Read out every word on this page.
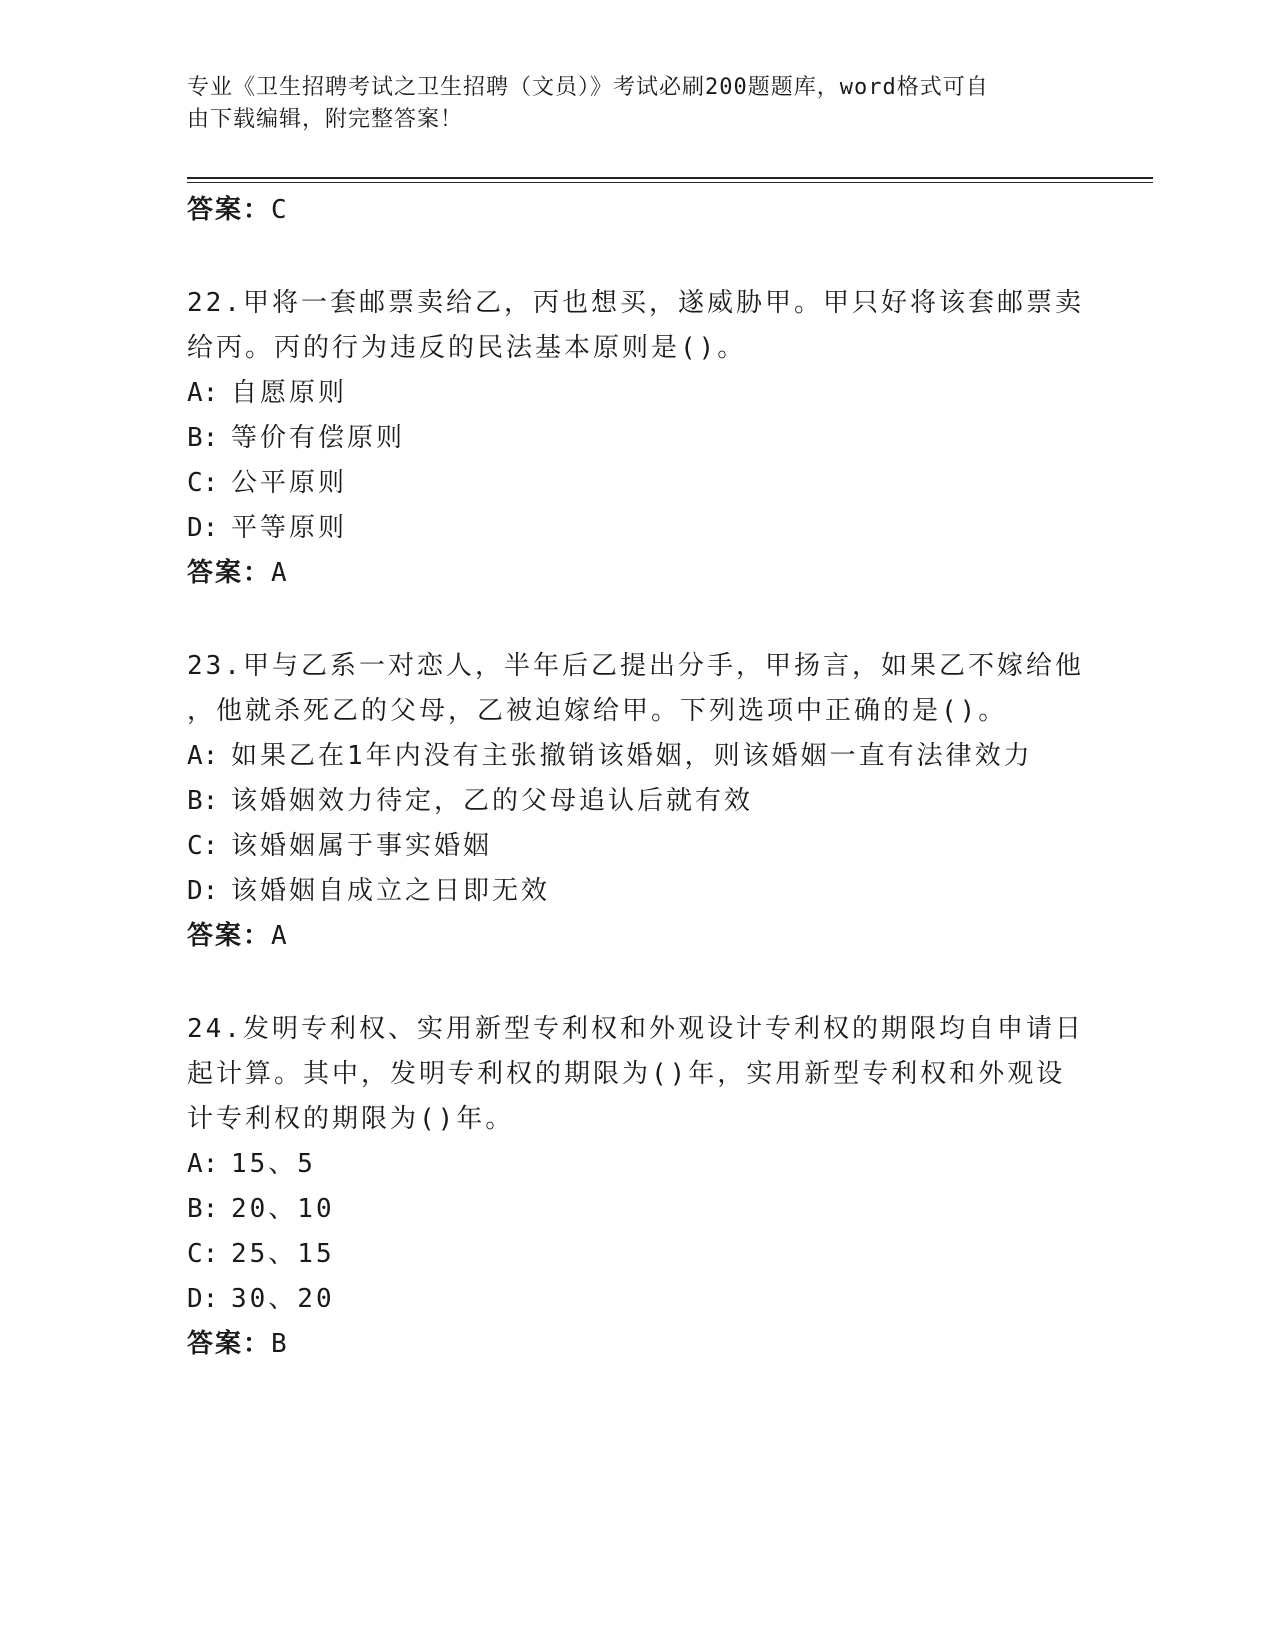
专业《卫生招聘考试之卫生招聘（文员）》考试必刷200题题库，word格式可自
由下载编辑，附完整答案！
答案：C
22.甲将一套邮票卖给乙，丙也想买，遂威胁甲。甲只好将该套邮票卖
给丙。丙的行为违反的民法基本原则是()。
A: 自愿原则
B: 等价有偿原则
C: 公平原则
D: 平等原则
答案：A
23.甲与乙系一对恋人，半年后乙提出分手，甲扬言，如果乙不嫁给他
，他就杀死乙的父母，乙被迫嫁给甲。下列选项中正确的是()。
A: 如果乙在1年内没有主张撤销该婚姻，则该婚姻一直有法律效力
B: 该婚姻效力待定，乙的父母追认后就有效
C: 该婚姻属于事实婚姻
D: 该婚姻自成立之日即无效
答案：A
24.发明专利权、实用新型专利权和外观设计专利权的期限均自申请日
起计算。其中，发明专利权的期限为()年，实用新型专利权和外观设
计专利权的期限为()年。
A: 15、5
B: 20、10
C: 25、15
D: 30、20
答案：B
